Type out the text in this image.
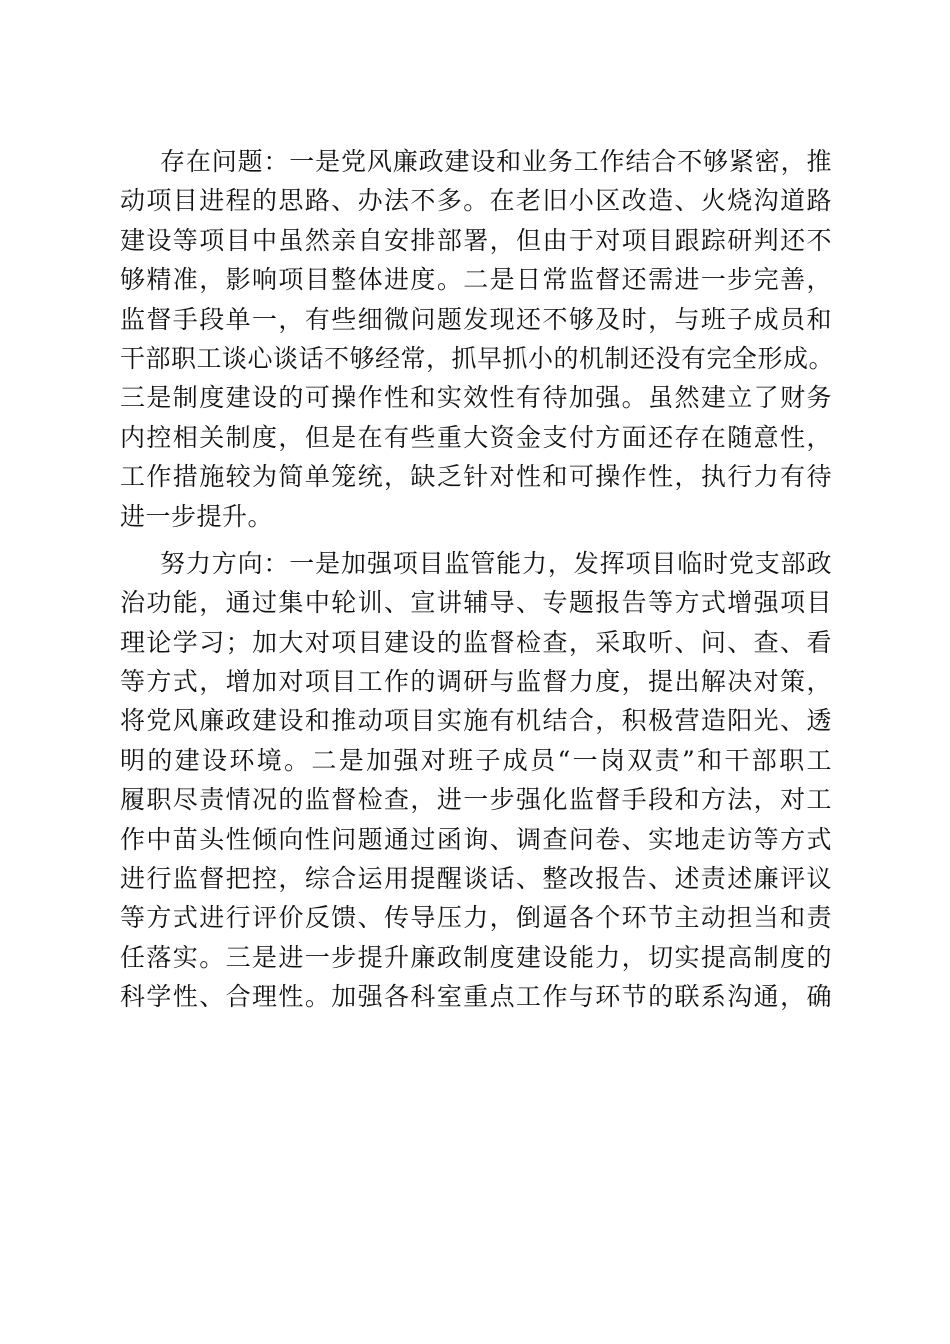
存在问题：一是党风廉政建设和业务工作结合不够紧密，推
动项目进程的思路、办法不多。在老旧小区改造、火烧沟道路
建设等项目中虽然亲自安排部署，但由于对项目跟踪研判还不
够精准，影响项目整体进度。二是日常监督还需进一步完善，
监督手段单一，有些细微问题发现还不够及时，与班子成员和
干部职工谈心谈话不够经常，抓早抓小的机制还没有完全形成。
三是制度建设的可操作性和实效性有待加强。虽然建立了财务
内控相关制度，但是在有些重大资金支付方面还存在随意性，
工作措施较为简单笼统，缺乏针对性和可操作性，执行力有待
进一步提升。
努力方向：一是加强项目监管能力，发挥项目临时党支部政
治功能，通过集中轮训、宣讲辅导、专题报告等方式增强项目
理论学习；加大对项目建设的监督检查，采取听、问、查、看
等方式，增加对项目工作的调研与监督力度，提出解决对策，
将党风廉政建设和推动项目实施有机结合，积极营造阳光、透
明的建设环境。二是加强对班子成员“一岗双责”和干部职工
履职尽责情况的监督检查，进一步强化监督手段和方法，对工
作中苗头性倾向性问题通过函询、调查问卷、实地走访等方式
进行监督把控，综合运用提醒谈话、整改报告、述责述廉评议
等方式进行评价反馈、传导压力，倒逼各个环节主动担当和责
任落实。三是进一步提升廉政制度建设能力，切实提高制度的
科学性、合理性。加强各科室重点工作与环节的联系沟通，确
